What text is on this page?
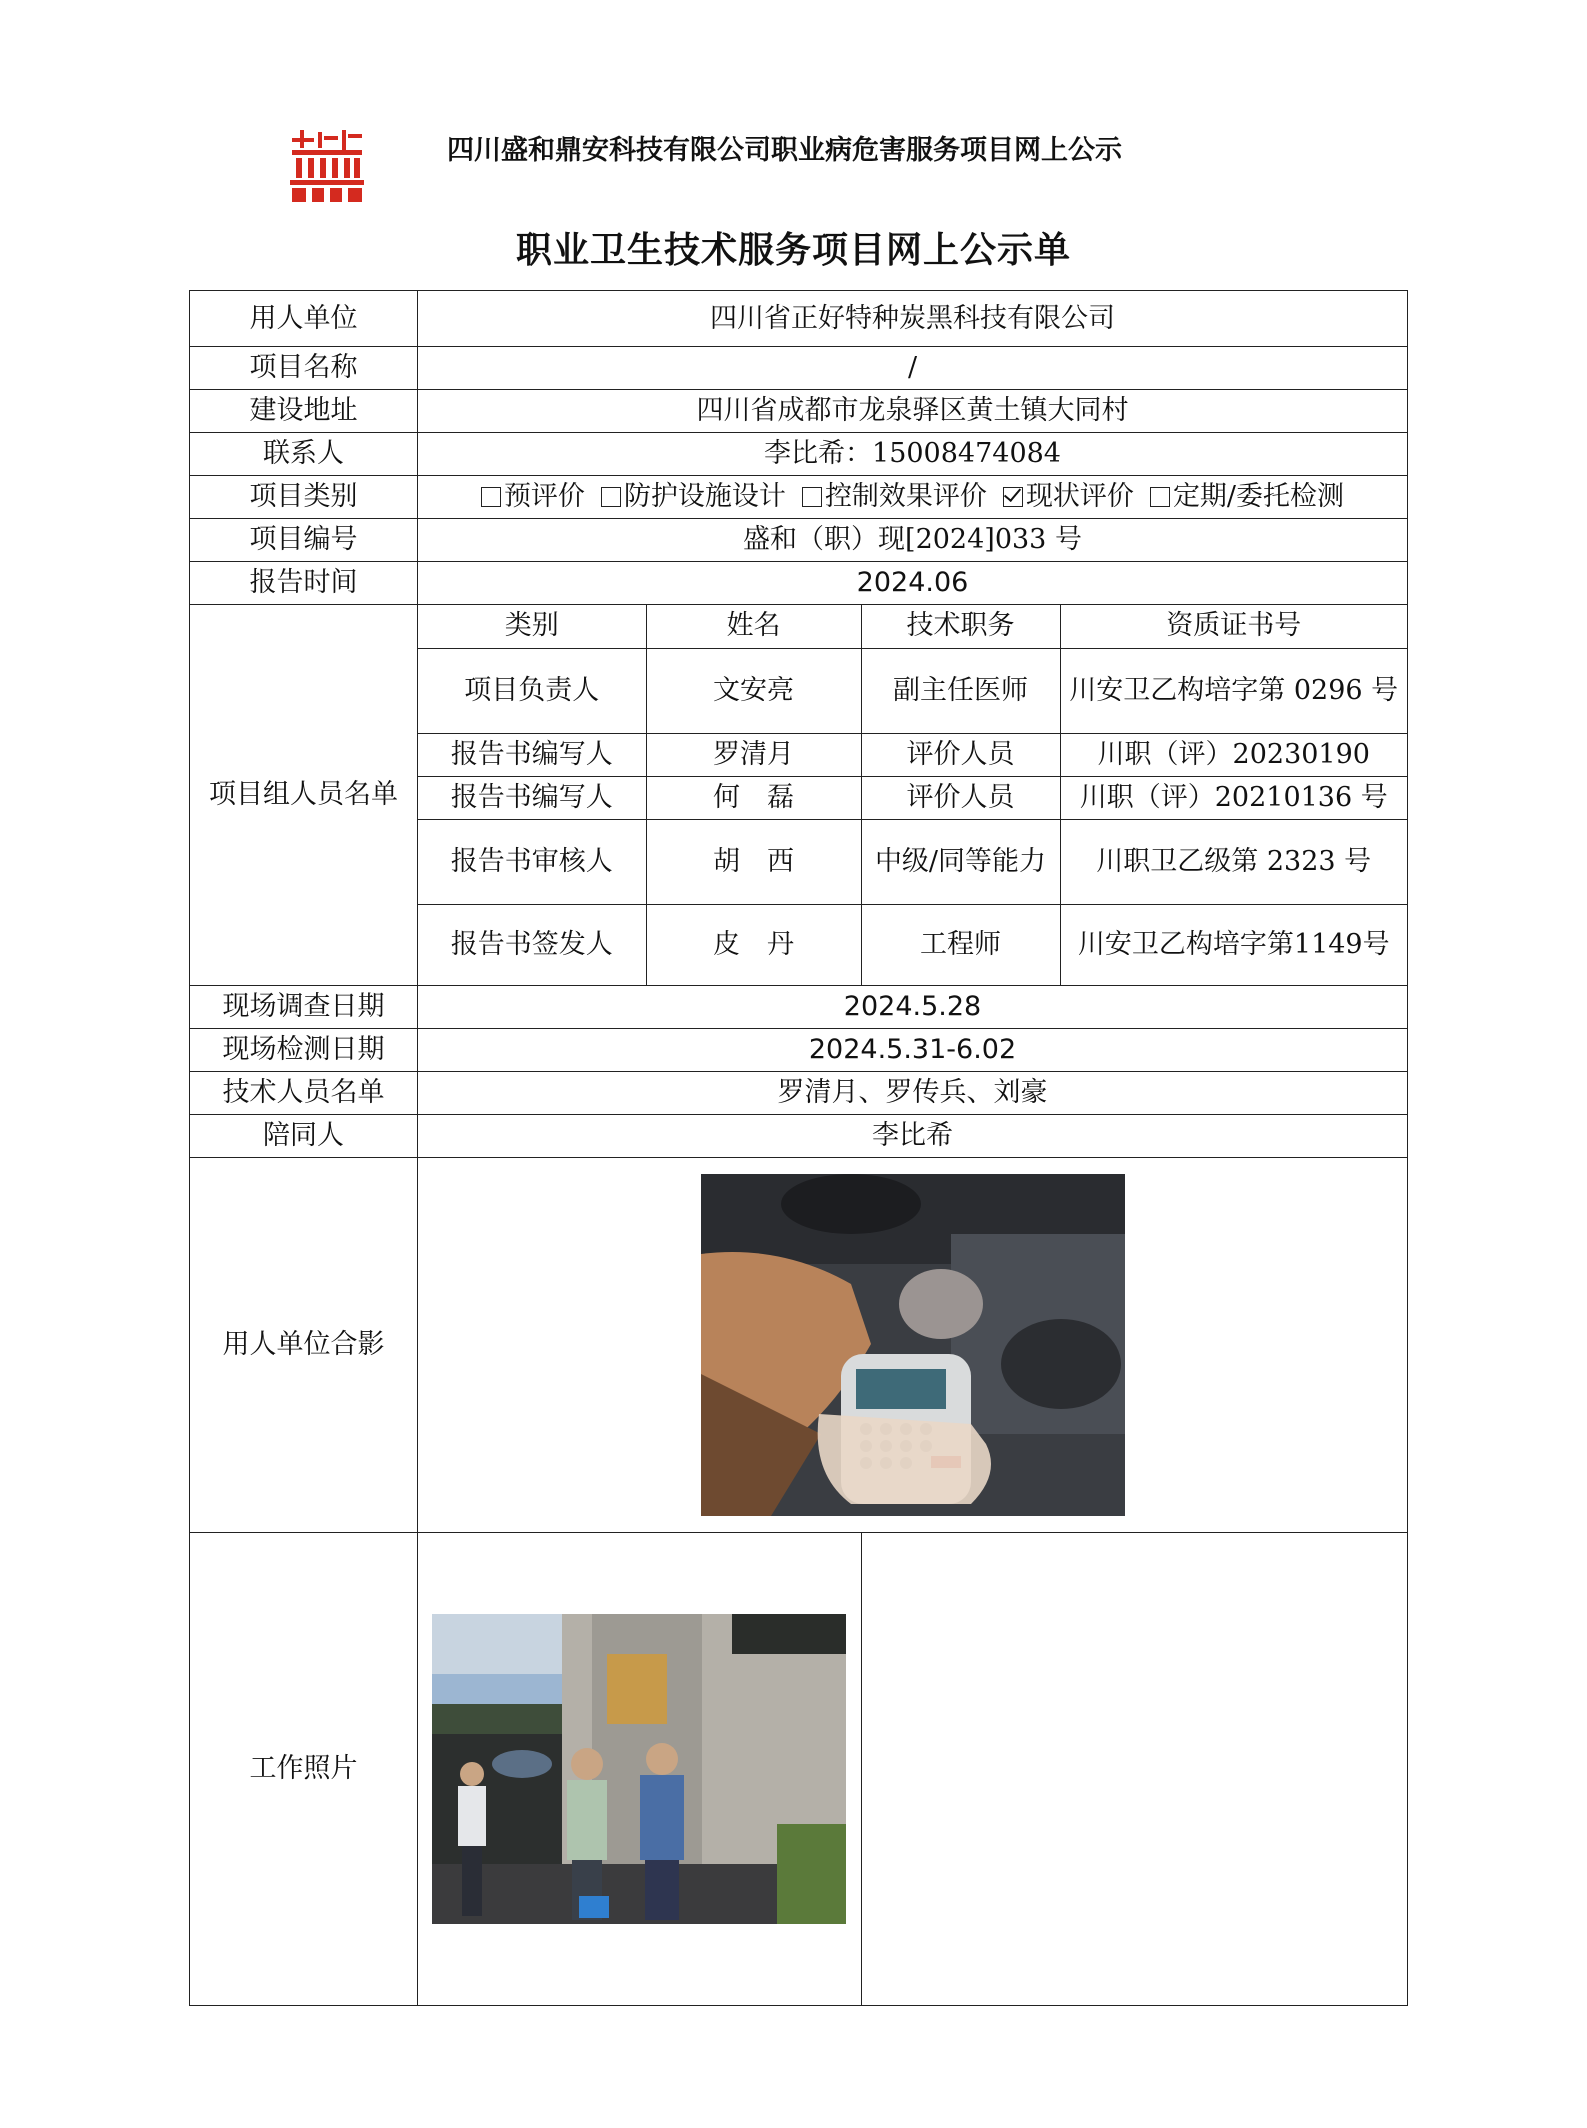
四川盛和鼎安科技有限公司职业病危害服务项目网上公示
职业卫生技术服务项目网上公示单
用人单位	四川省正好特种炭黑科技有限公司
项目名称	/
建设地址	四川省成都市龙泉驿区黄土镇大同村
联系人	李比希：15008474084
项目类别	预评价 防护设施设计 控制效果评价 现状评价 定期/委托检测
项目编号	盛和（职）现[2024]033 号
报告时间	2024.06
项目组人员名单	
类别	姓名	技术职务	资质证书号
项目负责人	文安亮	副主任医师	川安卫乙构培字第 0296 号
报告书编写人	罗清月	评价人员	川职（评）20230190
报告书编写人	何　磊	评价人员	川职（评）20210136 号
报告书审核人	胡　西	中级/同等能力	川职卫乙级第 2323 号
报告书签发人	皮　丹	工程师	川安卫乙构培字第1149号

现场调查日期	2024.5.28
现场检测日期	2024.5.31-6.02
技术人员名单	罗清月、罗传兵、刘豪
陪同人	李比希
用人单位合影	

工作照片	
